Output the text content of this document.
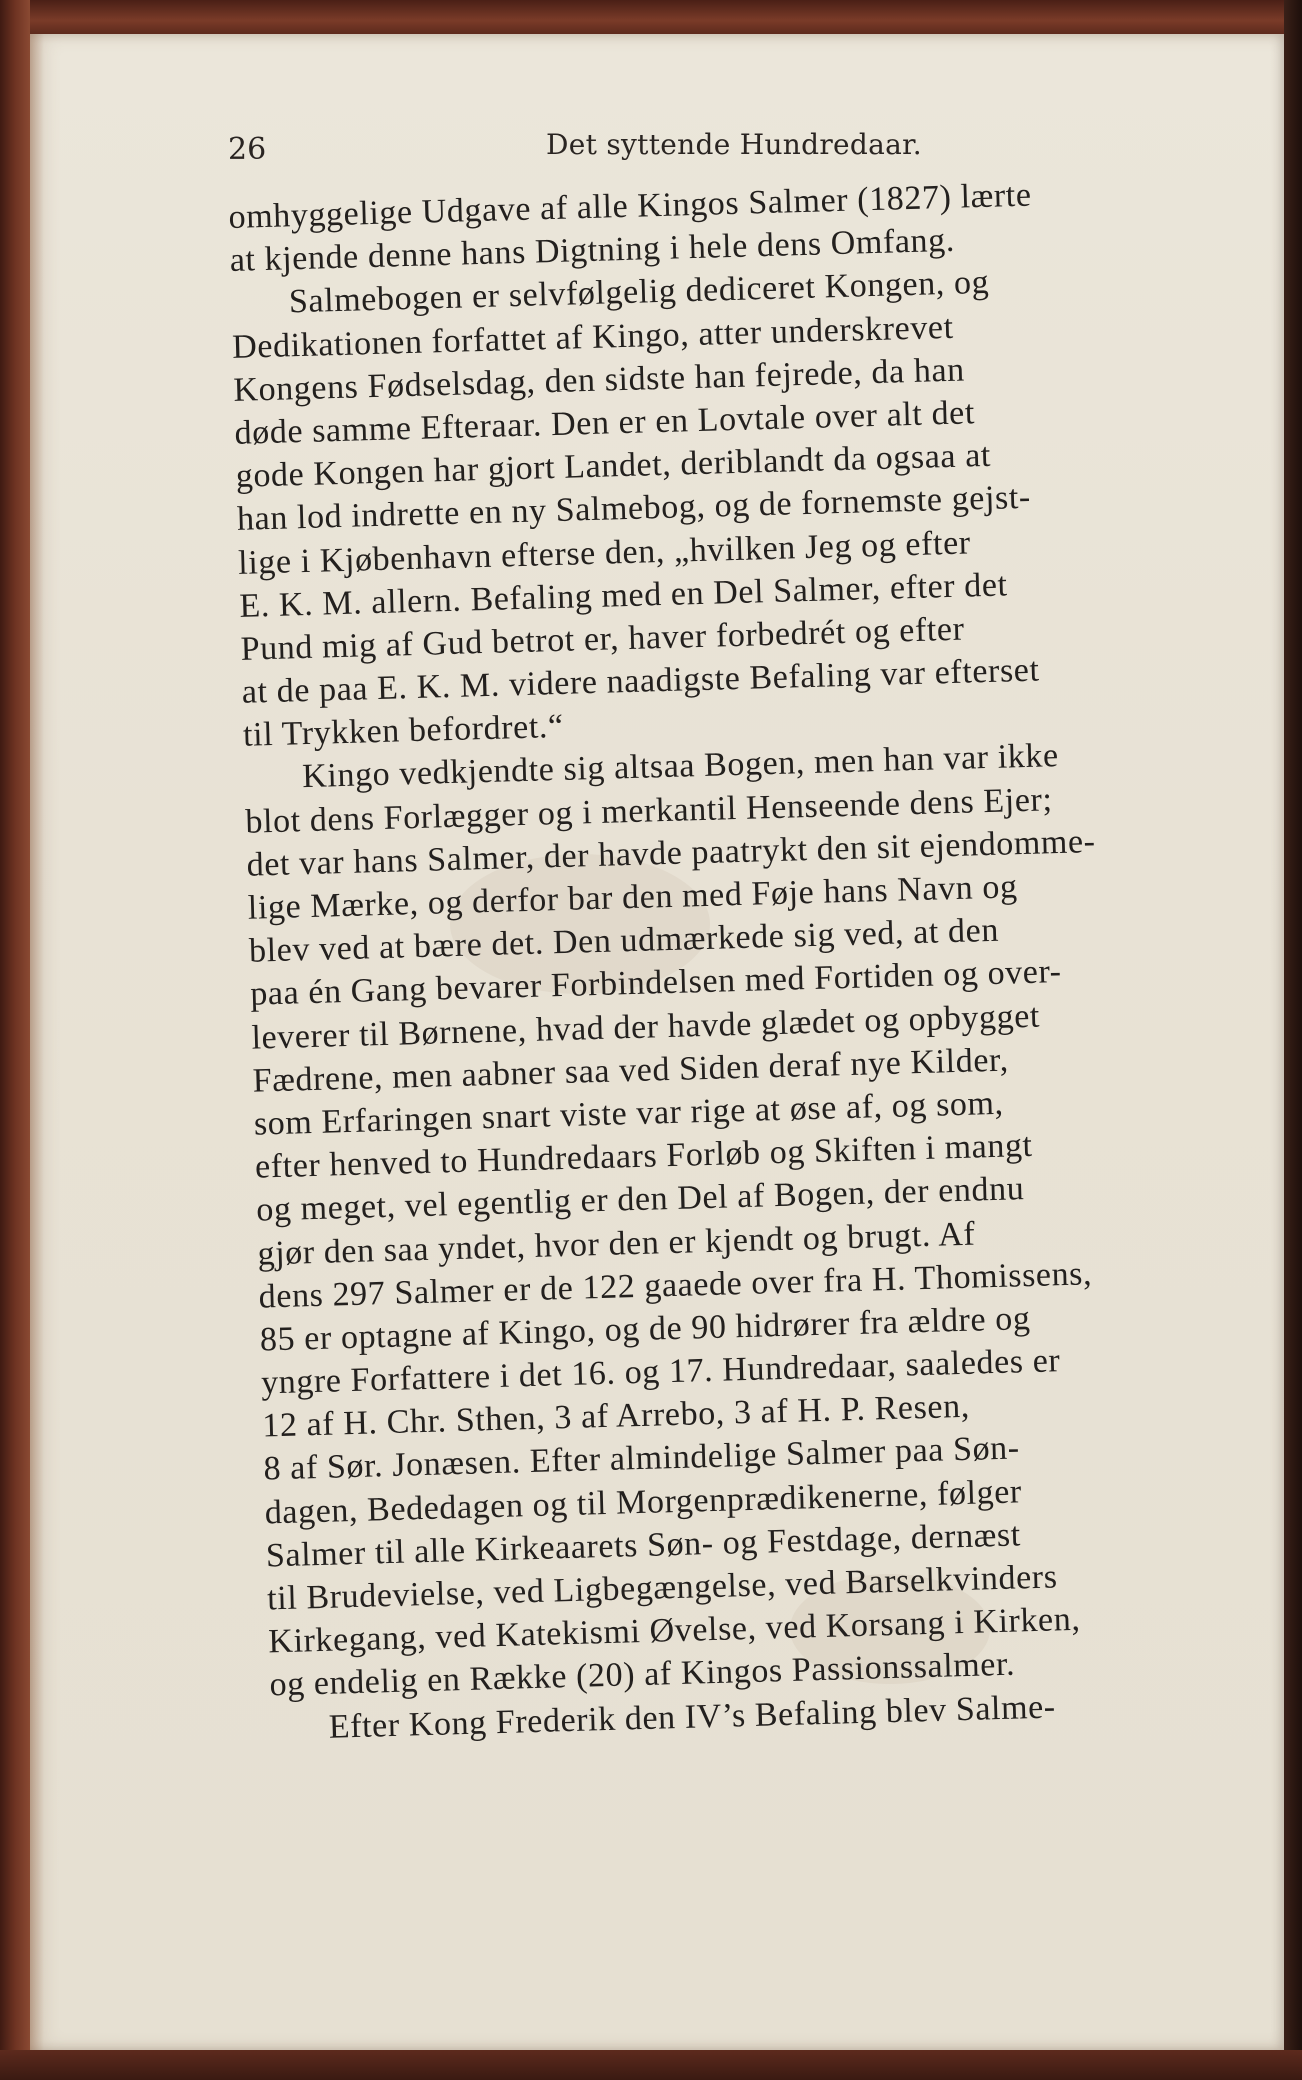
26	Det syttende Hundredaar.
omhyggelige Udgave af alle Kingos Salmer (1827) lærte
at kjende denne hans Digtning i hele dens Omfang.
Salmebogen er selvfølgelig dediceret Kongen, og
Dedikationen forfattet af Kingo, atter underskrevet
Kongens Fødselsdag, den sidste han fejrede, da han
døde samme Efteraar. Den er en Lovtale over alt det
gode Kongen har gjort Landet, deriblandt da ogsaa at
han lod indrette en ny Salmebog, og de fornemste gejst-
lige i Kjøbenhavn efterse den, „hvilken Jeg og efter
E. K. M. allern. Befaling med en Del Salmer, efter det
Pund mig af Gud betrot er, haver forbedrét og efter
at de paa E. K. M. videre naadigste Befaling var efterset
til Trykken befordret.“
Kingo vedkjendte sig altsaa Bogen, men han var ikke
blot dens Forlægger og i merkantil Henseende dens Ejer;
det var hans Salmer, der havde paatrykt den sit ejendomme-
lige Mærke, og derfor bar den med Føje hans Navn og
blev ved at bære det. Den udmærkede sig ved, at den
paa én Gang bevarer Forbindelsen med Fortiden og over-
leverer til Børnene, hvad der havde glædet og opbygget
Fædrene, men aabner saa ved Siden deraf nye Kilder,
som Erfaringen snart viste var rige at øse af, og som,
efter henved to Hundredaars Forløb og Skiften i mangt
og meget, vel egentlig er den Del af Bogen, der endnu
gjør den saa yndet, hvor den er kjendt og brugt. Af
dens 297 Salmer er de 122 gaaede over fra H. Thomissens,
85 er optagne af Kingo, og de 90 hidrører fra ældre og
yngre Forfattere i det 16. og 17. Hundredaar, saaledes er
12 af H. Chr. Sthen, 3 af Arrebo, 3 af H. P. Resen,
8 af Sør. Jonæsen. Efter almindelige Salmer paa Søn-
dagen, Bededagen og til Morgenprædikenerne, følger
Salmer til alle Kirkeaarets Søn- og Festdage, dernæst
til Brudevielse, ved Ligbegængelse, ved Barselkvinders
Kirkegang, ved Katekismi Øvelse, ved Korsang i Kirken,
og endelig en Række (20) af Kingos Passionssalmer.
Efter Kong Frederik den IV’s Befaling blev Salme-
